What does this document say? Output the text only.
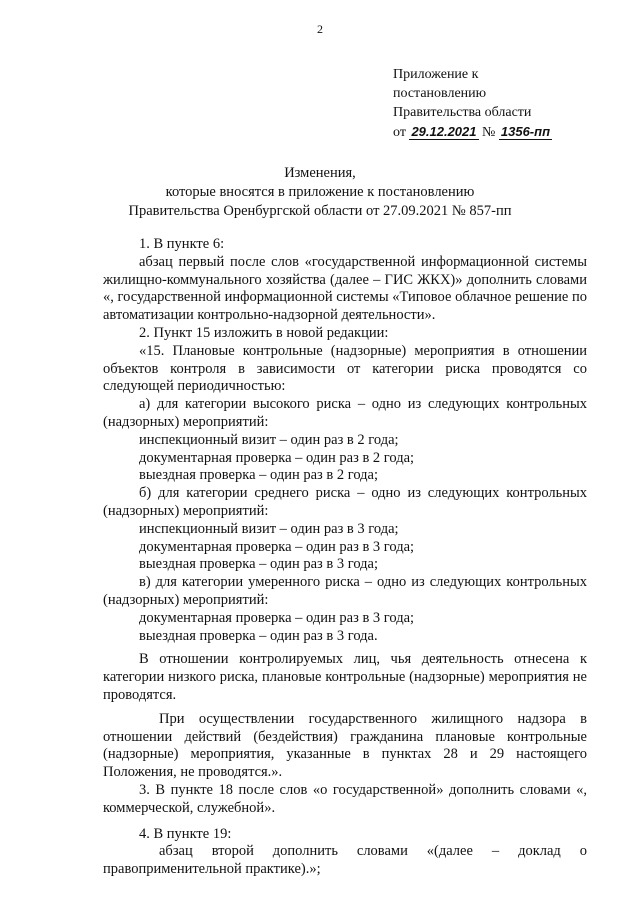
2
Приложение к
постановлению
Правительства области
от 29.12.2021 № 1356-пп
Изменения,
которые вносятся в приложение к постановлению
Правительства Оренбургской области от 27.09.2021 № 857-пп

1. В пункте 6:

абзац первый после слов «государственной информационной системы жилищно-коммунального хозяйства (далее – ГИС ЖКХ)» дополнить словами «, государственной информационной системы «Типовое облачное решение по автоматизации контрольно-надзорной деятельности».

2. Пункт 15 изложить в новой редакции:

«15. Плановые контрольные (надзорные) мероприятия в отношении объектов контроля в зависимости от категории риска проводятся со следующей периодичностью:

а) для категории высокого риска – одно из следующих контрольных (надзорных) мероприятий:

инспекционный визит – один раз в 2 года;

документарная проверка – один раз в 2 года;

выездная проверка – один раз в 2 года;

б) для категории среднего риска – одно из следующих контрольных (надзорных) мероприятий:

инспекционный визит – один раз в 3 года;

документарная проверка – один раз в 3 года;

выездная проверка – один раз в 3 года;

в) для категории умеренного риска – одно из следующих контрольных (надзорных) мероприятий:

документарная проверка – один раз в 3 года;

выездная проверка – один раз в 3 года.

В отношении контролируемых лиц, чья деятельность отнесена к категории низкого риска, плановые контрольные (надзорные) мероприятия не проводятся.

При осуществлении государственного жилищного надзора в отношении действий (бездействия) гражданина плановые контрольные (надзорные) мероприятия, указанные в пунктах 28 и 29 настоящего Положения, не проводятся.».

3. В пункте 18 после слов «о государственной» дополнить словами «, коммерческой, служебной».

4. В пункте 19:

абзац второй дополнить словами «(далее – доклад о правоприменительной практике).»;
